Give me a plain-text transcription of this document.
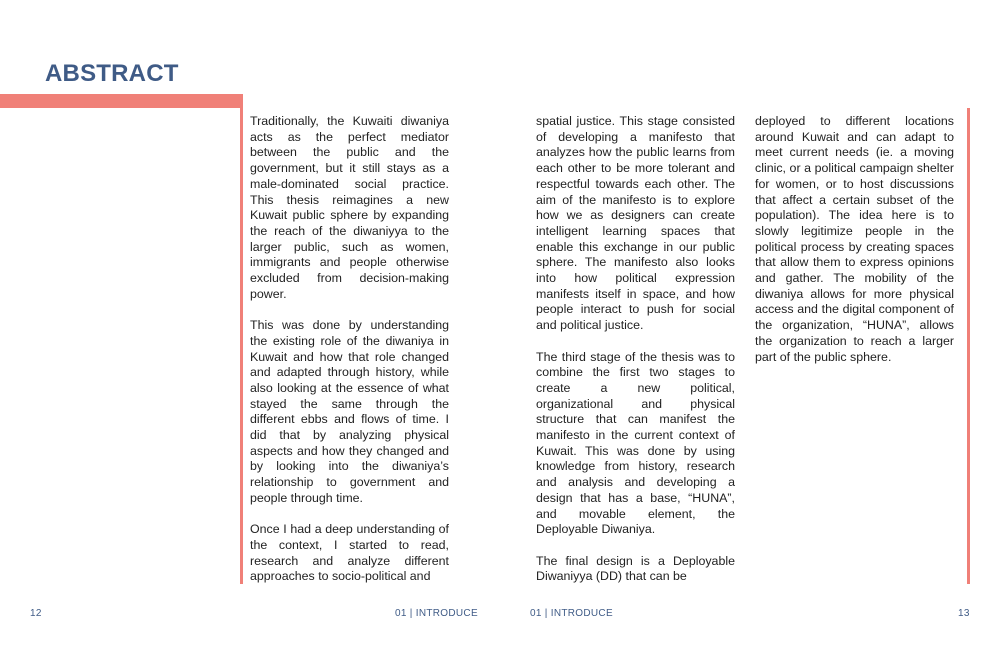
ABSTRACT

Traditionally, the Kuwaiti diwaniya acts as the perfect mediator between the public and the government, but it still stays as a male-dominated social practice. This thesis reimagines a new Kuwait public sphere by expanding the reach of the diwaniyya to the larger public, such as women, immigrants and people otherwise excluded from decision-making power.

This was done by understanding the existing role of the diwaniya in Kuwait and how that role changed and adapted through history, while also looking at the essence of what stayed the same through the different ebbs and flows of time. I did that by analyzing physical aspects and how they changed and by looking into the diwaniya’s relationship to government and people through time.

Once I had a deep understanding of the context, I started to read, research and analyze different approaches to socio-political and

spatial justice. This stage consisted of developing a manifesto that analyzes how the public learns from each other to be more tolerant and respectful towards each other. The aim of the manifesto is to explore how we as designers can create intelligent learning spaces that enable this exchange in our public sphere. The manifesto also looks into how political expression manifests itself in space, and how people interact to push for social and political justice.

The third stage of the thesis was to combine the first two stages to create a new political, organizational and physical structure that can manifest the manifesto in the current context of Kuwait. This was done by using knowledge from history, research and analysis and developing a design that has a base, “HUNA”, and movable element, the Deployable Diwaniya.

The final design is a Deployable Diwaniyya (DD) that can be

deployed to different locations around Kuwait and can adapt to meet current needs (ie. a moving clinic, or a political campaign shelter for women, or to host discussions that affect a certain subset of the population). The idea here is to slowly legitimize people in the political process by creating spaces that allow them to express opinions and gather. The mobility of the diwaniya allows for more physical access and the digital component of the organization, “HUNA”, allows the organization to reach a larger part of the public sphere.

12	01 | INTRODUCE	01 | INTRODUCE	13
